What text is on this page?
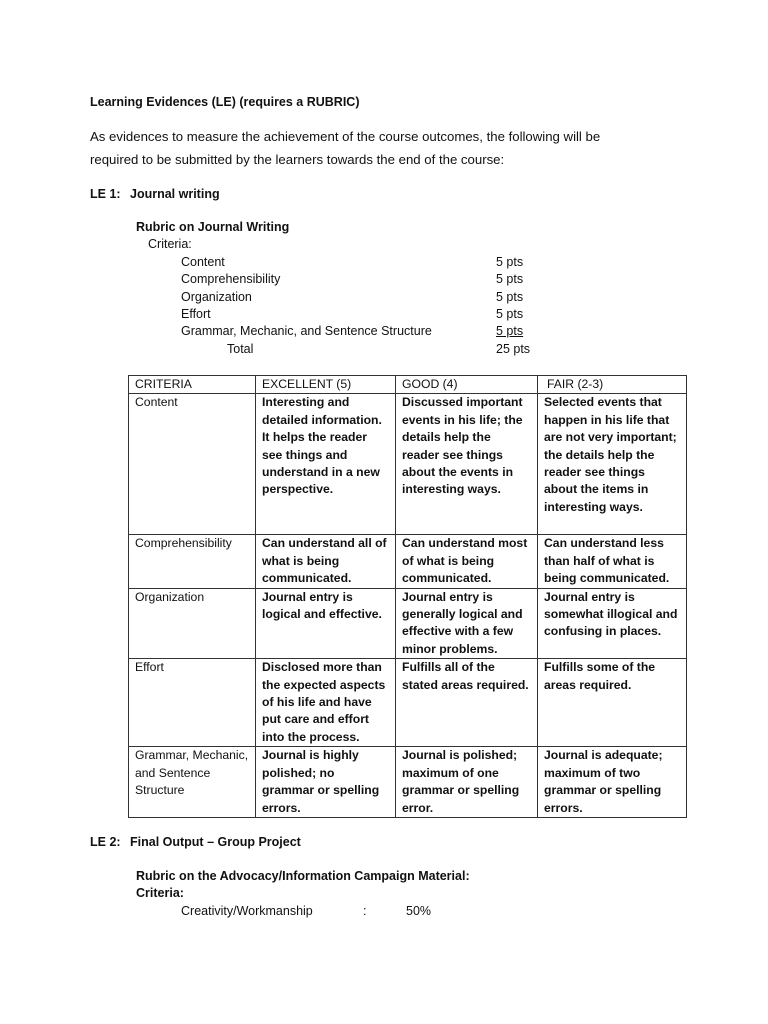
Learning Evidences (LE) (requires a RUBRIC)
As evidences to measure the achievement of the course outcomes, the following will be
required to be submitted by the learners towards the end of the course:
LE 1: Journal writing
Rubric on Journal Writing
Criteria:
Content	5 pts
Comprehensibility	5 pts
Organization	5 pts
Effort	5 pts
Grammar, Mechanic, and Sentence Structure	5 pts
Total	25 pts
CRITERIA	EXCELLENT (5)	GOOD (4)	FAIR (2-3)
Content	Interesting and detailed information. It helps the reader see things and understand in a new perspective.	Discussed important events in his life; the details help the reader see things about the events in interesting ways.	Selected events that happen in his life that are not very important; the details help the reader see things about the items in interesting ways.
Comprehensibility	Can understand all of what is being communicated.	Can understand most of what is being communicated.	Can understand less than half of what is being communicated.
Organization	Journal entry is logical and effective.	Journal entry is generally logical and effective with a few minor problems.	Journal entry is somewhat illogical and confusing in places.
Effort	Disclosed more than the expected aspects of his life and have put care and effort into the process.	Fulfills all of the stated areas required.	Fulfills some of the areas required.
Grammar, Mechanic, and Sentence Structure	Journal is highly polished; no grammar or spelling errors.	Journal is polished; maximum of one grammar or spelling error.	Journal is adequate; maximum of two grammar or spelling errors.
LE 2: Final Output – Group Project
Rubric on the Advocacy/Information Campaign Material:
Criteria:
Creativity/Workmanship	:	50%
